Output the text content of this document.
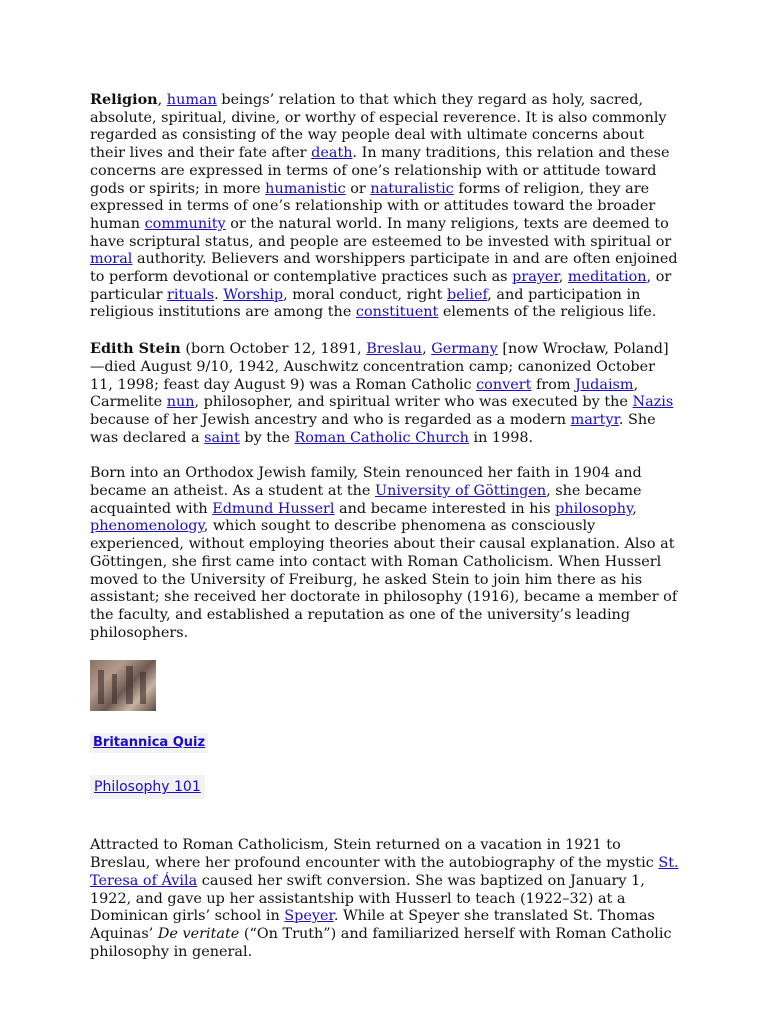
Religion, human beings’ relation to that which they regard as holy, sacred, absolute, spiritual, divine, or worthy of especial reverence. It is also commonly regarded as consisting of the way people deal with ultimate concerns about their lives and their fate after death. In many traditions, this relation and these concerns are expressed in terms of one’s relationship with or attitude toward gods or spirits; in more humanistic or naturalistic forms of religion, they are expressed in terms of one’s relationship with or attitudes toward the broader human community or the natural world. In many religions, texts are deemed to have scriptural status, and people are esteemed to be invested with spiritual or moral authority. Believers and worshippers participate in and are often enjoined to perform devotional or contemplative practices such as prayer, meditation, or particular rituals. Worship, moral conduct, right belief, and participation in religious institutions are among the constituent elements of the religious life.

Edith Stein (born October 12, 1891, Breslau, Germany [now Wrocław, Poland]—died August 9/10, 1942, Auschwitz concentration camp; canonized October 11, 1998; feast day August 9) was a Roman Catholic convert from Judaism, Carmelite nun, philosopher, and spiritual writer who was executed by the Nazis because of her Jewish ancestry and who is regarded as a modern martyr. She was declared a saint by the Roman Catholic Church in 1998.

Born into an Orthodox Jewish family, Stein renounced her faith in 1904 and became an atheist. As a student at the University of Göttingen, she became acquainted with Edmund Husserl and became interested in his philosophy, phenomenology, which sought to describe phenomena as consciously experienced, without employing theories about their causal explanation. Also at Göttingen, she first came into contact with Roman Catholicism. When Husserl moved to the University of Freiburg, he asked Stein to join him there as his assistant; she received her doctorate in philosophy (1916), became a member of the faculty, and established a reputation as one of the university’s leading philosophers.

Britannica Quiz
Philosophy 101

Attracted to Roman Catholicism, Stein returned on a vacation in 1921 to Breslau, where her profound encounter with the autobiography of the mystic St. Teresa of Ávila caused her swift conversion. She was baptized on January 1, 1922, and gave up her assistantship with Husserl to teach (1922–32) at a Dominican girls’ school in Speyer. While at Speyer she translated St. Thomas Aquinas’ De veritate (“On Truth”) and familiarized herself with Roman Catholic philosophy in general.
